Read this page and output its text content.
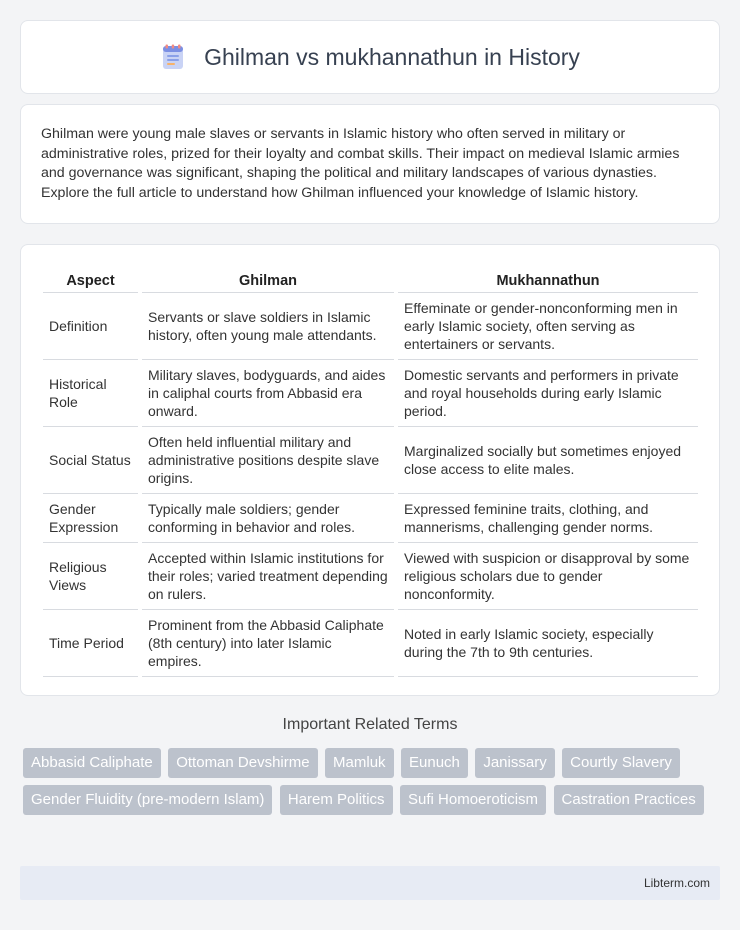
Ghilman vs mukhannathun in History

Ghilman were young male slaves or servants in Islamic history who often served in military or administrative roles, prized for their loyalty and combat skills. Their impact on medieval Islamic armies and governance was significant, shaping the political and military landscapes of various dynasties. Explore the full article to understand how Ghilman influenced your knowledge of Islamic history.

Aspect		Ghilman		Mukhannathun
Definition		Servants or slave soldiers in Islamic history, often young male attendants.		Effeminate or gender-nonconforming men in early Islamic society, often serving as entertainers or servants.
Historical Role		Military slaves, bodyguards, and aides in caliphal courts from Abbasid era onward.		Domestic servants and performers in private and royal households during early Islamic period.
Social Status		Often held influential military and administrative positions despite slave origins.		Marginalized socially but sometimes enjoyed close access to elite males.
Gender Expression		Typically male soldiers; gender conforming in behavior and roles.		Expressed feminine traits, clothing, and mannerisms, challenging gender norms.
Religious Views		Accepted within Islamic institutions for their roles; varied treatment depending on rulers.		Viewed with suspicion or disapproval by some religious scholars due to gender nonconformity.
Time Period		Prominent from the Abbasid Caliphate (8th century) into later Islamic empires.		Noted in early Islamic society, especially during the 7th to 9th centuries.
Important Related Terms
Abbasid Caliphate Ottoman Devshirme Mamluk Eunuch Janissary Courtly Slavery Gender Fluidity (pre-modern Islam) Harem Politics Sufi Homoeroticism Castration Practices
Libterm.com
